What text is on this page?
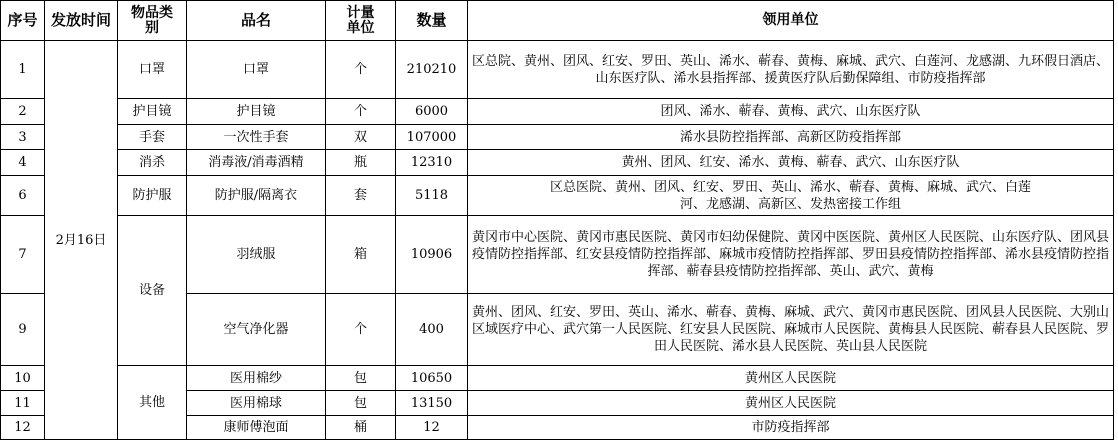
序号	发放时间	物品类别	品名	计量单位	数量	领用单位
1	2月16日	口罩	口罩	个	210210	区总院、黄州、团风、红安、罗田、英山、浠水、蕲春、黄梅、麻城、武穴、白莲河、龙感湖、九环假日酒店、山东医疗队、浠水县指挥部、援黄医疗队后勤保障组、市防疫指挥部
2		护目镜	护目镜	个	6000	团风、浠水、蕲春、黄梅、武穴、山东医疗队
3		手套	一次性手套	双	107000	浠水县防控指挥部、高新区防疫指挥部
4		消杀	消毒液/消毒酒精	瓶	12310	黄州、团风、红安、浠水、黄梅、蕲春、武穴、山东医疗队
6		防护服	防护服/隔离衣	套	5118	区总医院、黄州、团风、红安、罗田、英山、浠水、蕲春、黄梅、麻城、武穴、白莲河、龙感湖、高新区、发热密接工作组
7		设备	羽绒服	箱	10906	黄冈市中心医院、黄冈市惠民医院、黄冈市妇幼保健院、黄冈中医医院、黄州区人民医院、山东医疗队、团风县疫情防控指挥部、红安县疫情防控指挥部、麻城市疫情防控指挥部、罗田县疫情防控指挥部、浠水县疫情防控指挥部、蕲春县疫情防控指挥部、英山、武穴、黄梅
9			空气净化器	个	400	黄州、团风、红安、罗田、英山、浠水、蕲春、黄梅、麻城、武穴、黄冈市惠民医院、团风县人民医院、大别山区域医疗中心、武穴第一人民医院、红安县人民医院、麻城市人民医院、黄梅县人民医院、蕲春县人民医院、罗田人民医院、浠水县人民医院、英山县人民医院
10		其他	医用棉纱	包	10650	黄州区人民医院
11			医用棉球	包	13150	黄州区人民医院
12			康师傅泡面	桶	12	市防疫指挥部
